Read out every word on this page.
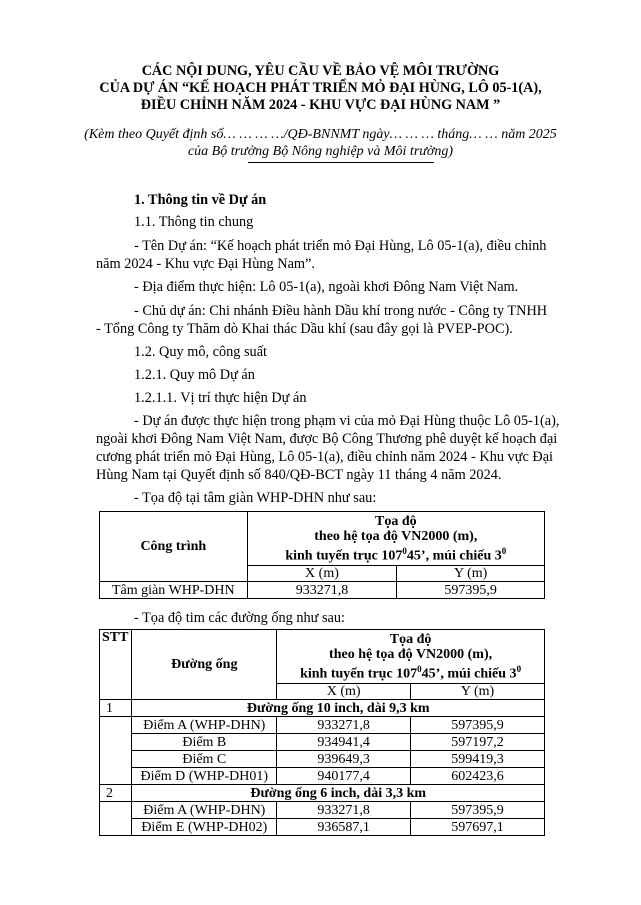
CÁC NỘI DUNG, YÊU CẦU VỀ BẢO VỆ MÔI TRƯỜNG
CỦA DỰ ÁN “KẾ HOẠCH PHÁT TRIỂN MỎ ĐẠI HÙNG, LÔ 05-1(A),
ĐIỀU CHỈNH NĂM 2024 - KHU VỰC ĐẠI HÙNG NAM ”
(Kèm theo Quyết định số… … … …/QĐ-BNNMT ngày… … … tháng… … năm 2025
của Bộ trưởng Bộ Nông nghiệp và Môi trường)
1. Thông tin về Dự án
1.1. Thông tin chung
- Tên Dự án: “Kế hoạch phát triển mỏ Đại Hùng, Lô 05-1(a), điều chỉnh
năm 2024 - Khu vực Đại Hùng Nam”.
- Địa điểm thực hiện: Lô 05-1(a), ngoài khơi Đông Nam Việt Nam.
- Chủ dự án: Chi nhánh Điều hành Dầu khí trong nước - Công ty TNHH
- Tổng Công ty Thăm dò Khai thác Dầu khí (sau đây gọi là PVEP-POC).
1.2. Quy mô, công suất
1.2.1. Quy mô Dự án
1.2.1.1. Vị trí thực hiện Dự án
- Dự án được thực hiện trong phạm vi của mỏ Đại Hùng thuộc Lô 05-1(a),
ngoài khơi Đông Nam Việt Nam, được Bộ Công Thương phê duyệt kế hoạch đại
cương phát triển mỏ Đại Hùng, Lô 05-1(a), điều chỉnh năm 2024 - Khu vực Đại
Hùng Nam tại Quyết định số 840/QĐ-BCT ngày 11 tháng 4 năm 2024.
- Tọa độ tại tâm giàn WHP-DHN như sau:
Công trình	Tọa độ
theo hệ tọa độ VN2000 (m),
kinh tuyến trục $107^045$’, múi chiếu $3^0$

	X (m)	Y (m)
Tâm giàn WHP-DHN	933271,8	597395,9
- Tọa độ tim các đường ống như sau:
STT	Đường ống	Tọa độ
theo hệ tọa độ VN2000 (m),
kinh tuyến trục $107^045$’, múi chiếu $3^0$

		X (m)	Y (m)
1	Đường ống 10 inch, dài 9,3 km		
	Điểm A (WHP-DHN)	933271,8	597395,9
	Điểm B	934941,4	597197,2
	Điểm C	939649,3	599419,3
	Điểm D (WHP-DH01)	940177,4	602423,6
2	Đường ống 6 inch, dài 3,3 km		
	Điểm A (WHP-DHN)	933271,8	597395,9
	Điểm E (WHP-DH02)	936587,1	597697,1
